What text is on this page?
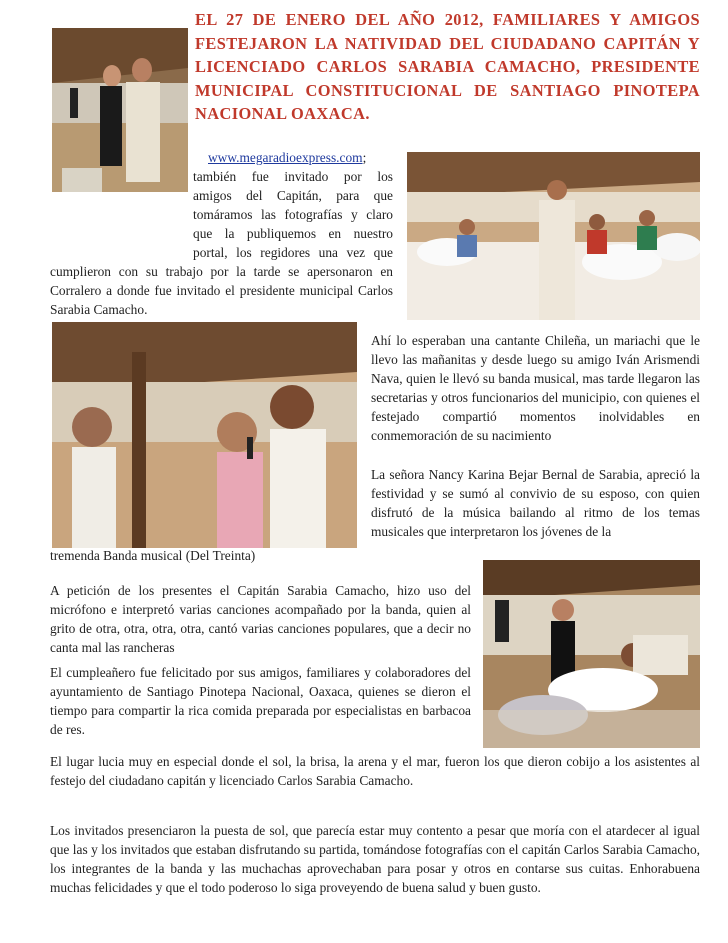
EL 27 DE ENERO DEL AÑO 2012, FAMILIARES Y AMIGOS FESTEJARON LA NATIVIDAD DEL CIUDADANO CAPITÁN Y LICENCIADO CARLOS SARABIA CAMACHO, PRESIDENTE MUNICIPAL CONSTITUCIONAL DE SANTIAGO PINOTEPA NACIONAL OAXACA.
www.megaradioexpress.com;
también fue invitado por los
amigos del Capitán, para que
tomáramos las fotografías y claro
que la publiquemos en nuestro
portal, los regidores una vez que

cumplieron con su trabajo por la tarde se apersonaron en Corralero a donde fue invitado el presidente municipal Carlos Sarabia Camacho.

Ahí lo esperaban una cantante Chileña, un mariachi que le llevo las mañanitas y desde luego su amigo Iván Arismendi Nava, quien le llevó su banda musical, mas tarde llegaron las secretarias y otros funcionarios del municipio, con quienes el festejado compartió momentos inolvidables en conmemoración de su nacimiento

La señora Nancy Karina Bejar Bernal de Sarabia, apreció la festividad y se sumó al convivio de su esposo, con quien disfrutó de la música bailando al ritmo de los temas musicales que interpretaron los jóvenes de la

tremenda Banda musical (Del Treinta)

A petición de los presentes el Capitán Sarabia Camacho, hizo uso del micrófono e interpretó varias canciones acompañado por la banda, quien al grito de otra, otra, otra, otra, cantó varias canciones populares, que a decir no canta mal las rancheras

El cumpleañero fue felicitado por sus amigos, familiares y colaboradores del ayuntamiento de Santiago Pinotepa Nacional, Oaxaca, quienes se dieron el tiempo para compartir la rica comida preparada por especialistas en barbacoa de res.

El lugar lucia muy en especial donde el sol, la brisa, la arena y el mar, fueron los que dieron cobijo a los asistentes al festejo del ciudadano capitán y licenciado Carlos Sarabia Camacho.

Los invitados presenciaron la puesta de sol, que parecía estar muy contento a pesar que moría con el atardecer al igual que las y los invitados que estaban disfrutando su partida, tomándose fotografías con el capitán Carlos Sarabia Camacho, los integrantes de la banda y las muchachas aprovechaban para posar y otros en contarse sus cuitas. Enhorabuena muchas felicidades y que el todo poderoso lo siga proveyendo de buena salud y buen gusto.
